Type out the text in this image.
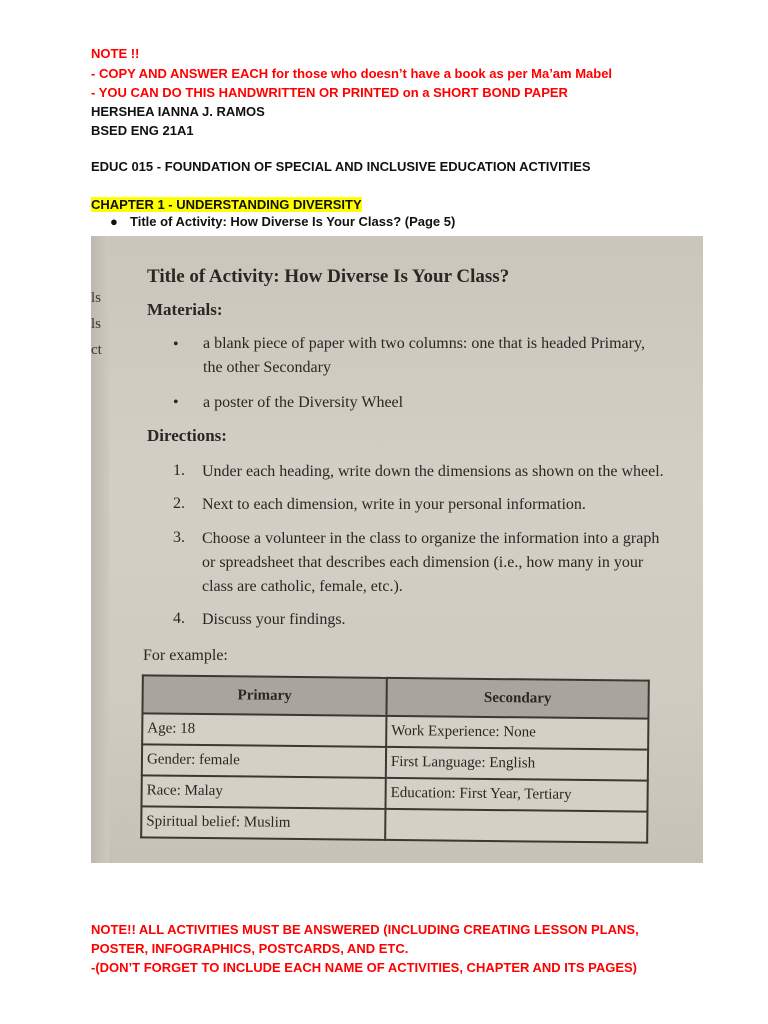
NOTE !!
- COPY AND ANSWER EACH for those who doesn’t have a book as per Ma’am Mabel
- YOU CAN DO THIS HANDWRITTEN OR PRINTED on a SHORT BOND PAPER
HERSHEA IANNA J. RAMOS
BSED ENG 21A1
EDUC 015 - FOUNDATION OF SPECIAL AND INCLUSIVE EDUCATION ACTIVITIES
CHAPTER 1 - UNDERSTANDING DIVERSITY
● Title of Activity: How Diverse Is Your Class? (Page 5)
ls
ls
ct
Title of Activity: How Diverse Is Your Class?
Materials:
• a blank piece of paper with two columns: one that is headed Primary,
the other Secondary
• a poster of the Diversity Wheel
Directions:
1. Under each heading, write down the dimensions as shown on the wheel.
2. Next to each dimension, write in your personal information.
3. Choose a volunteer in the class to organize the information into a graph
or spreadsheet that describes each dimension (i.e., how many in your
class are catholic, female, etc.).
4. Discuss your findings.
For example:
Primary	Secondary
Age: 18	Work Experience: None
Gender: female	First Language: English
Race: Malay	Education: First Year, Tertiary
Spiritual belief: Muslim	
NOTE!! ALL ACTIVITIES MUST BE ANSWERED (INCLUDING CREATING LESSON PLANS,
POSTER, INFOGRAPHICS, POSTCARDS, AND ETC.
-(DON’T FORGET TO INCLUDE EACH NAME OF ACTIVITIES, CHAPTER AND ITS PAGES)
